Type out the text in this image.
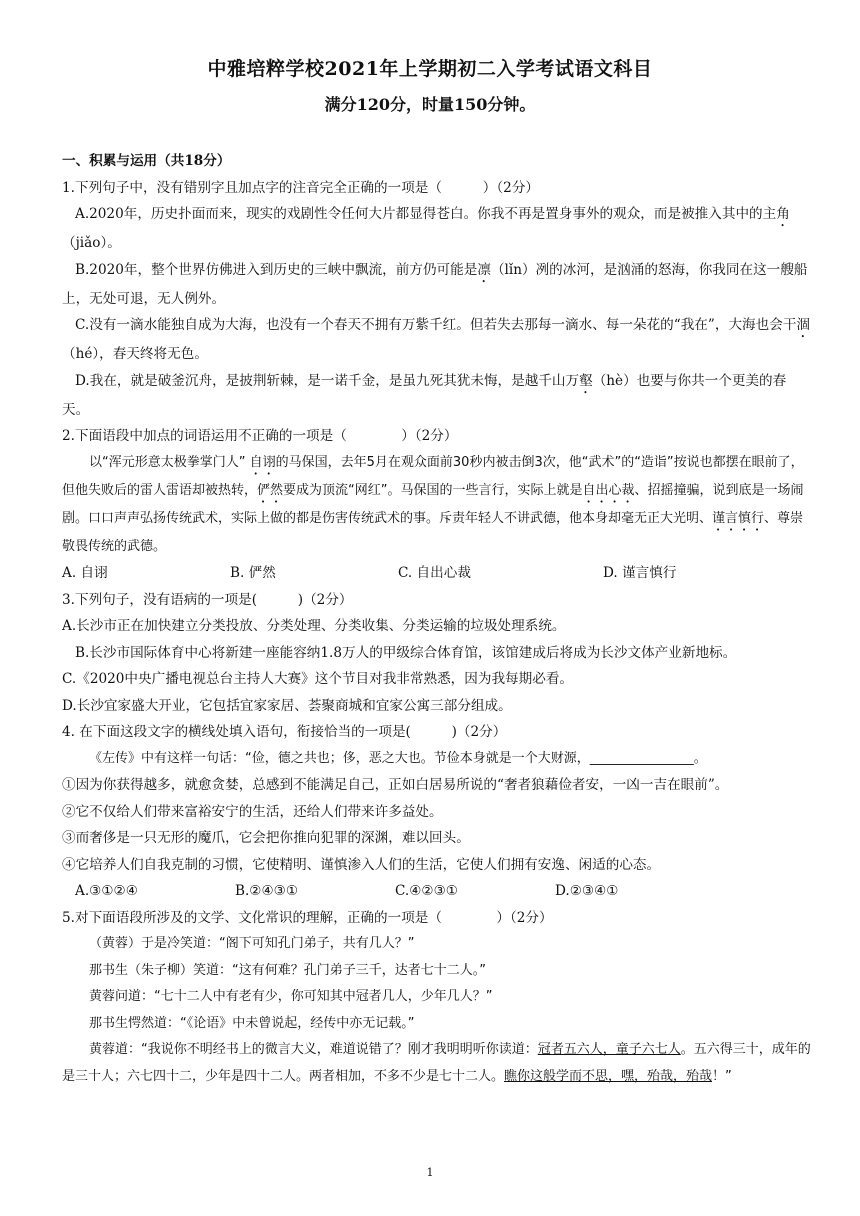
中雅培粹学校2021年上学期初二入学考试语文科目
满分120分，时量150分钟。

一、积累与运用（共18分）

1.下列句子中，没有错别字且加点字的注音完全正确的一项是（　　　）（2分）

A.2020年，历史扑面而来，现实的戏剧性令任何大片都显得苍白。你我不再是置身事外的观众，而是被推入其中的主角（jiǎo）。

B.2020年，整个世界仿佛进入到历史的三峡中飘流，前方仍可能是凛（lǐn）冽的冰河，是汹涌的怒海，你我同在这一艘船上，无处可退，无人例外。

C.没有一滴水能独自成为大海，也没有一个春天不拥有万紫千红。但若失去那每一滴水、每一朵花的“我在”，大海也会干涸（hé），春天终将无色。

D.我在，就是破釜沉舟，是披荆斩棘，是一诺千金，是虽九死其犹未悔，是越千山万壑（hè）也要与你共一个更美的春天。

2.下面语段中加点的词语运用不正确的一项是（　　　　）（2分）

以“浑元形意太极拳掌门人” 自诩的马保国，去年5月在观众面前30秒内被击倒3次，他“武术”的“造诣”按说也都摆在眼前了，但他失败后的雷人雷语却被热转，俨然要成为顶流“网红”。马保国的一些言行，实际上就是自出心裁、招摇撞骗，说到底是一场闹剧。口口声声弘扬传统武术，实际上做的都是伤害传统武术的事。斥责年轻人不讲武德，他本身却毫无正大光明、谨言慎行、尊崇敬畏传统的武德。

A. 自诩	B. 俨然	C. 自出心裁	D. 谨言慎行

3.下列句子，没有语病的一项是(　　　)（2分）

A.长沙市正在加快建立分类投放、分类处理、分类收集、分类运输的垃圾处理系统。

B.长沙市国际体育中心将新建一座能容纳1.8万人的甲级综合体育馆，该馆建成后将成为长沙文体产业新地标。

C.《2020中央广播电视总台主持人大赛》这个节目对我非常熟悉，因为我每期必看。

D.长沙宜家盛大开业，它包括宜家家居、荟聚商城和宜家公寓三部分组成。

4. 在下面这段文字的横线处填入语句，衔接恰当的一项是(　　　)（2分）

《左传》中有这样一句话：“俭，德之共也；侈，恶之大也。节俭本身就是一个大财源，________________。

①因为你获得越多，就愈贪婪，总感到不能满足自己，正如白居易所说的“奢者狼藉俭者安，一凶一吉在眼前”。

②它不仅给人们带来富裕安宁的生活，还给人们带来许多益处。

③而奢侈是一只无形的魔爪，它会把你推向犯罪的深渊，难以回头。

④它培养人们自我克制的习惯，它使精明、谨慎渗入人们的生活，它使人们拥有安逸、闲适的心态。

A.③①②④	B.②④③①	C.④②③①	D.②③④①

5.对下面语段所涉及的文学、文化常识的理解，正确的一项是（　　　　）（2分）

（黄蓉）于是冷笑道：“阁下可知孔门弟子，共有几人？”

那书生（朱子柳）笑道：“这有何难？孔门弟子三千，达者七十二人。”

黄蓉问道：“七十二人中有老有少，你可知其中冠者几人，少年几人？”

那书生愕然道：“《论语》中未曾说起，经传中亦无记载。”

黄蓉道：“我说你不明经书上的微言大义，难道说错了？刚才我明明听你读道：冠者五六人，童子六七人。五六得三十，成年的是三十人；六七四十二，少年是四十二人。两者相加，不多不少是七十二人。瞧你这般学而不思，嘿，殆哉，殆哉！”

1
